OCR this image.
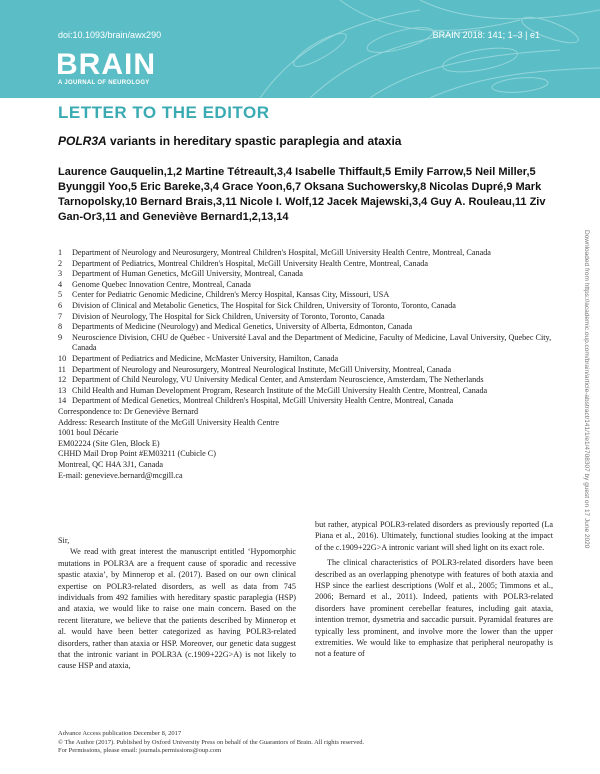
doi:10.1093/brain/awx290	BRAIN 2018: 141; 1–3 | e1
BRAIN
A JOURNAL OF NEUROLOGY
LETTER TO THE EDITOR
POLR3A variants in hereditary spastic paraplegia and ataxia
Laurence Gauquelin,1,2 Martine Tétreault,3,4 Isabelle Thiffault,5 Emily Farrow,5 Neil Miller,5 Byunggil Yoo,5 Eric Bareke,3,4 Grace Yoon,6,7 Oksana Suchowersky,8 Nicolas Dupré,9 Mark Tarnopolsky,10 Bernard Brais,3,11 Nicole I. Wolf,12 Jacek Majewski,3,4 Guy A. Rouleau,11 Ziv Gan-Or3,11 and Geneviève Bernard1,2,13,14
1	Department of Neurology and Neurosurgery, Montreal Children's Hospital, McGill University Health Centre, Montreal, Canada
2	Department of Pediatrics, Montreal Children's Hospital, McGill University Health Centre, Montreal, Canada
3	Department of Human Genetics, McGill University, Montreal, Canada
4	Genome Quebec Innovation Centre, Montreal, Canada
5	Center for Pediatric Genomic Medicine, Children's Mercy Hospital, Kansas City, Missouri, USA
6	Division of Clinical and Metabolic Genetics, The Hospital for Sick Children, University of Toronto, Toronto, Canada
7	Division of Neurology, The Hospital for Sick Children, University of Toronto, Toronto, Canada
8	Departments of Medicine (Neurology) and Medical Genetics, University of Alberta, Edmonton, Canada
9	Neuroscience Division, CHU de Québec - Université Laval and the Department of Medicine, Faculty of Medicine, Laval University, Quebec City, Canada
10 Department of Pediatrics and Medicine, McMaster University, Hamilton, Canada
11 Department of Neurology and Neurosurgery, Montreal Neurological Institute, McGill University, Montreal, Canada
12 Department of Child Neurology, VU University Medical Center, and Amsterdam Neuroscience, Amsterdam, The Netherlands
13 Child Health and Human Development Program, Research Institute of the McGill University Health Centre, Montreal, Canada
14 Department of Medical Genetics, Montreal Children's Hospital, McGill University Health Centre, Montreal, Canada
Correspondence to: Dr Geneviève Bernard
Address: Research Institute of the McGill University Health Centre
1001 boul Décarie
EM02224 (Site Glen, Block E)
CHHD Mail Drop Point #EM03211 (Cubicle C)
Montreal, QC H4A 3J1, Canada
E-mail: genevieve.bernard@mcgill.ca

Sir,

We read with great interest the manuscript entitled ‘Hypomorphic mutations in POLR3A are a frequent cause of sporadic and recessive spastic ataxia’, by Minnerop et al. (2017). Based on our own clinical expertise on POLR3-related disorders, as well as data from 745 individuals from 492 families with hereditary spastic paraplegia (HSP) and ataxia, we would like to raise one main concern. Based on the recent literature, we believe that the patients described by Minnerop et al. would have been better categorized as having POLR3-related disorders, rather than ataxia or HSP. Moreover, our genetic data suggest that the intronic variant in POLR3A (c.1909+22G>A) is not likely to cause HSP and ataxia,

but rather, atypical POLR3-related disorders as previously reported (La Piana et al., 2016). Ultimately, functional studies looking at the impact of the c.1909+22G>A intronic variant will shed light on its exact role.

The clinical characteristics of POLR3-related disorders have been described as an overlapping phenotype with features of both ataxia and HSP since the earliest descriptions (Wolf et al., 2005; Timmons et al., 2006; Bernard et al., 2011). Indeed, patients with POLR3-related disorders have prominent cerebellar features, including gait ataxia, intention tremor, dysmetria and saccadic pursuit. Pyramidal features are typically less prominent, and involve more the lower than the upper extremities. We would like to emphasize that peripheral neuropathy is not a feature of

Advance Access publication December 8, 2017
© The Author (2017). Published by Oxford University Press on behalf of the Guarantors of Brain. All rights reserved.
For Permissions, please email: journals.permissions@oup.com
Downloaded from https://academic.oup.com/brain/article-abstract/141/1/e1/4708307 by guest on 17 June 2020
